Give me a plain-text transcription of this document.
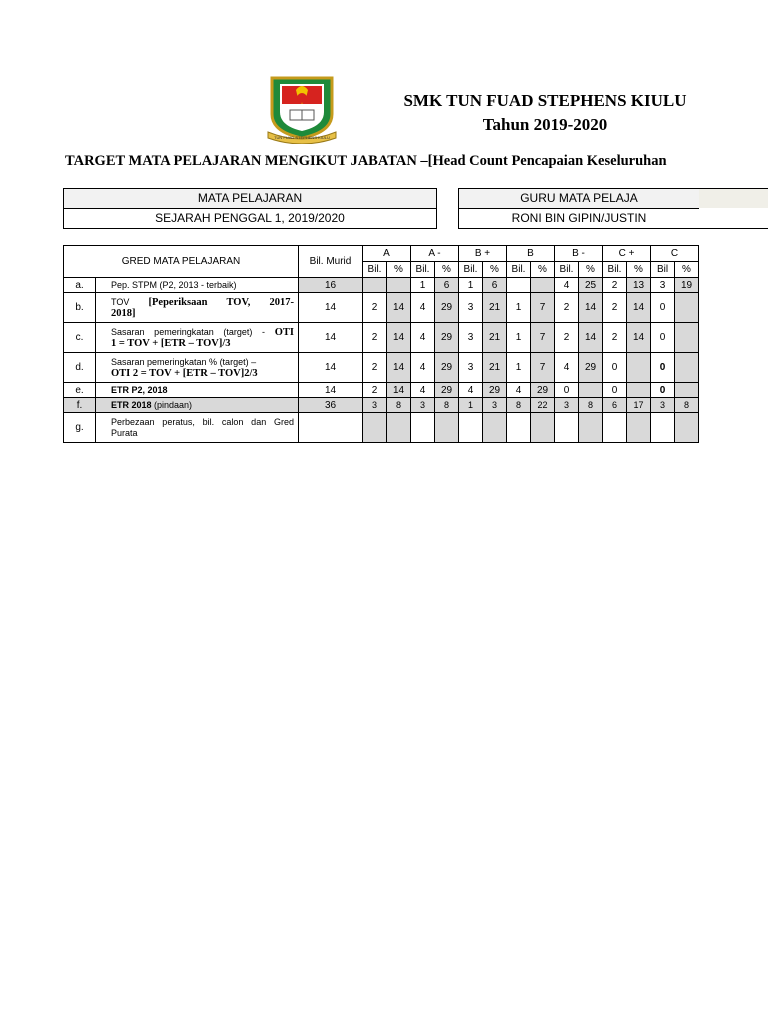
TUN FUAD STEPHENS KIULU
SMK TUN FUAD STEPHENS KIULU
Tahun 2019-2020
TARGET MATA PELAJARAN MENGIKUT JABATAN –[Head Count Pencapaian Keseluruhan
MATA PELAJARAN
SEJARAH PENGGAL 1, 2019/2020
GURU MATA PELAJA
RONI BIN GIPIN/JUSTIN
GRED MATA PELAJARAN		Bil. Murid	A		A -		B +		B		B -		C +		C	
			Bil.	%	Bil.	%	Bil.	%	Bil.	%	Bil.	%	Bil.	%	Bil	%
a.	Pep. STPM (P2, 2013 - terbaik)	16			1	6	1	6			4	25	2	13	3	19
b.	TOV [Peperiksaan TOV, 2017-
2018]	14	2	14	4	29	3	21	1	7	2	14	2	14	0	
c.	Sasaran pemeringkatan (target) - OTI
1 = TOV + [ETR – TOV]/3	14	2	14	4	29	3	21	1	7	2	14	2	14	0	
d.	Sasaran pemeringkatan % (target) –
OTI 2 = TOV + [ETR – TOV]2/3	14	2	14	4	29	3	21	1	7	4	29	0		0	
e.	ETR P2, 2018	14	2	14	4	29	4	29	4	29	0		0		0	
f.	ETR 2018 (pindaan)	36	3	8	3	8	1	3	8	22	3	8	6	17	3	8
g.	Perbezaan peratus, bil. calon dan Gred
Purata															
